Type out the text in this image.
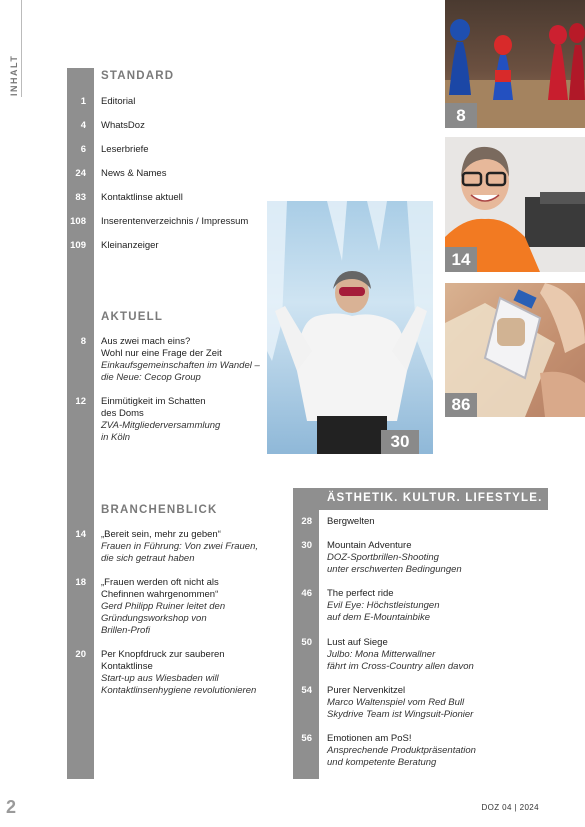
INHALT	STANDARD
AKTUELL
BRANCHENBLICK
ÄSTHETIK. KULTUR. LIFESTYLE.
1 Editorial
4 WhatsDoz
6 Leserbriefe
24 News & Names
83 Kontaktlinse aktuell
108 Inserentenverzeichnis / Impressum
109 Kleinanzeiger
8 Aus zwei mach eins?
Wohl nur eine Frage der Zeit
Einkaufsgemeinschaften im Wandel –
die Neue: Cecop Group
12 Einmütigkeit im Schatten
des Doms
ZVA-Mitgliederversammlung
in Köln
14 „Bereit sein, mehr zu geben“
Frauen in Führung: Von zwei Frauen,
die sich getraut haben
18 „Frauen werden oft nicht als
Chefinnen wahrgenommen“
Gerd Philipp Ruiner leitet den
Gründungsworkshop von
Brillen-Profi
20 Per Knopfdruck zur sauberen
Kontaktlinse
Start-up aus Wiesbaden will
Kontaktlinsenhygiene revolutionieren
28 Bergwelten
30 Mountain Adventure
DOZ-Sportbrillen-Shooting
unter erschwerten Bedingungen
46 The perfect ride
Evil Eye: Höchstleistungen
auf dem E-Mountainbike
50 Lust auf Siege
Julbo: Mona Mitterwallner
fährt im Cross-Country allen davon
54 Purer Nervenkitzel
Marco Waltenspiel vom Red Bull
Skydrive Team ist Wingsuit-Pionier
56 Emotionen am PoS!
Ansprechende Produktpräsentation
und kompetente Beratung
8
14
86
30
2	DOZ 04 | 2024
